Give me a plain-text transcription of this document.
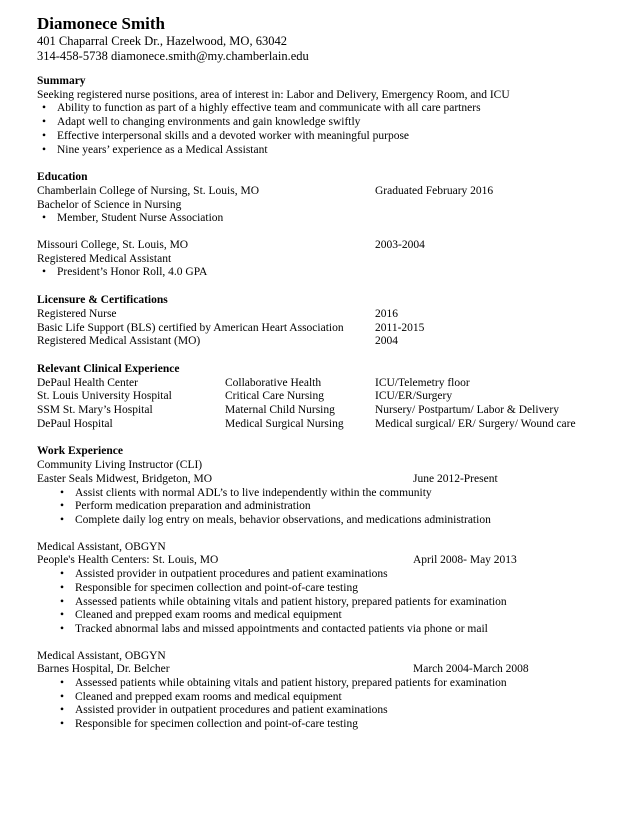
Diamonece Smith
401 Chaparral Creek Dr., Hazelwood, MO, 63042
314-458-5738 diamonece.smith@my.chamberlain.edu
Summary
Seeking registered nurse positions, area of interest in: Labor and Delivery, Emergency Room, and ICU
• Ability to function as part of a highly effective team and communicate with all care partners
• Adapt well to changing environments and gain knowledge swiftly
• Effective interpersonal skills and a devoted worker with meaningful purpose
• Nine years’ experience as a Medical Assistant
Education
Chamberlain College of Nursing, St. Louis, MO	Graduated February 2016
Bachelor of Science in Nursing
• Member, Student Nurse Association
Missouri College, St. Louis, MO	2003-2004
Registered Medical Assistant
• President’s Honor Roll, 4.0 GPA
Licensure & Certifications
Registered Nurse	2016
Basic Life Support (BLS) certified by American Heart Association	2011-2015
Registered Medical Assistant (MO)	2004
Relevant Clinical Experience
DePaul Health Center	Collaborative Health	ICU/Telemetry floor
St. Louis University Hospital	Critical Care Nursing	ICU/ER/Surgery
SSM St. Mary’s Hospital	Maternal Child Nursing	Nursery/ Postpartum/ Labor & Delivery
DePaul Hospital	Medical Surgical Nursing	Medical surgical/ ER/ Surgery/ Wound care
Work Experience
Community Living Instructor (CLI)
Easter Seals Midwest, Bridgeton, MO	June 2012-Present
• Assist clients with normal ADL’s to live independently within the community
• Perform medication preparation and administration
• Complete daily log entry on meals, behavior observations, and medications administration
Medical Assistant, OBGYN
People's Health Centers: St. Louis, MO	April 2008- May 2013
• Assisted provider in outpatient procedures and patient examinations
• Responsible for specimen collection and point-of-care testing
• Assessed patients while obtaining vitals and patient history, prepared patients for examination
• Cleaned and prepped exam rooms and medical equipment
• Tracked abnormal labs and missed appointments and contacted patients via phone or mail
Medical Assistant, OBGYN
Barnes Hospital, Dr. Belcher	March 2004-March 2008
• Assessed patients while obtaining vitals and patient history, prepared patients for examination
• Cleaned and prepped exam rooms and medical equipment
• Assisted provider in outpatient procedures and patient examinations
• Responsible for specimen collection and point-of-care testing
